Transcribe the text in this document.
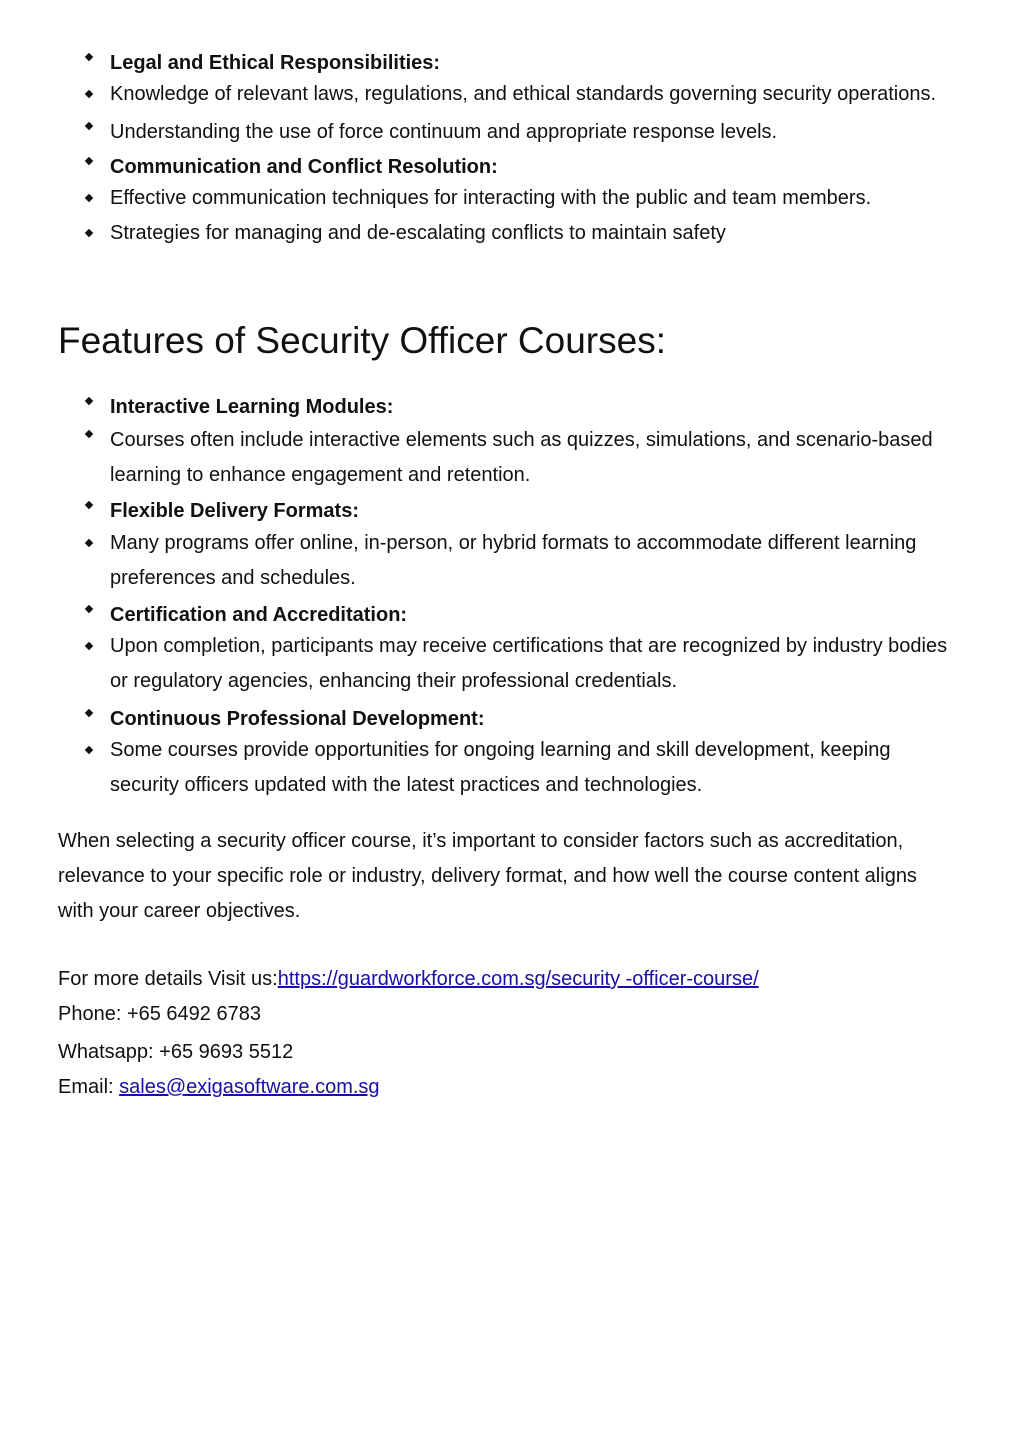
Legal and Ethical Responsibilities:
Knowledge of relevant laws, regulations, and ethical standards governing security operations.
Understanding the use of force continuum and appropriate response levels.
Communication and Conflict Resolution:
Effective communication techniques for interacting with the public and team members.
Strategies for managing and de-escalating conflicts to maintain safety
Features of Security Officer Courses:
Interactive Learning Modules:
Courses often include interactive elements such as quizzes, simulations, and scenario-based learning to enhance engagement and retention.
Flexible Delivery Formats:
Many programs offer online, in-person, or hybrid formats to accommodate different learning preferences and schedules.
Certification and Accreditation:
Upon completion, participants may receive certifications that are recognized by industry bodies or regulatory agencies, enhancing their professional credentials.
Continuous Professional Development:
Some courses provide opportunities for ongoing learning and skill development, keeping security officers updated with the latest practices and technologies.

When selecting a security officer course, it’s important to consider factors such as accreditation, relevance to your specific role or industry, delivery format, and how well the course content aligns with your career objectives.

For more details Visit us:https://guardworkforce.com.sg/security -officer-course/
Phone: +65 6492 6783
Whatsapp: +65 9693 5512
Email: sales@exigasoftware.com.sg
